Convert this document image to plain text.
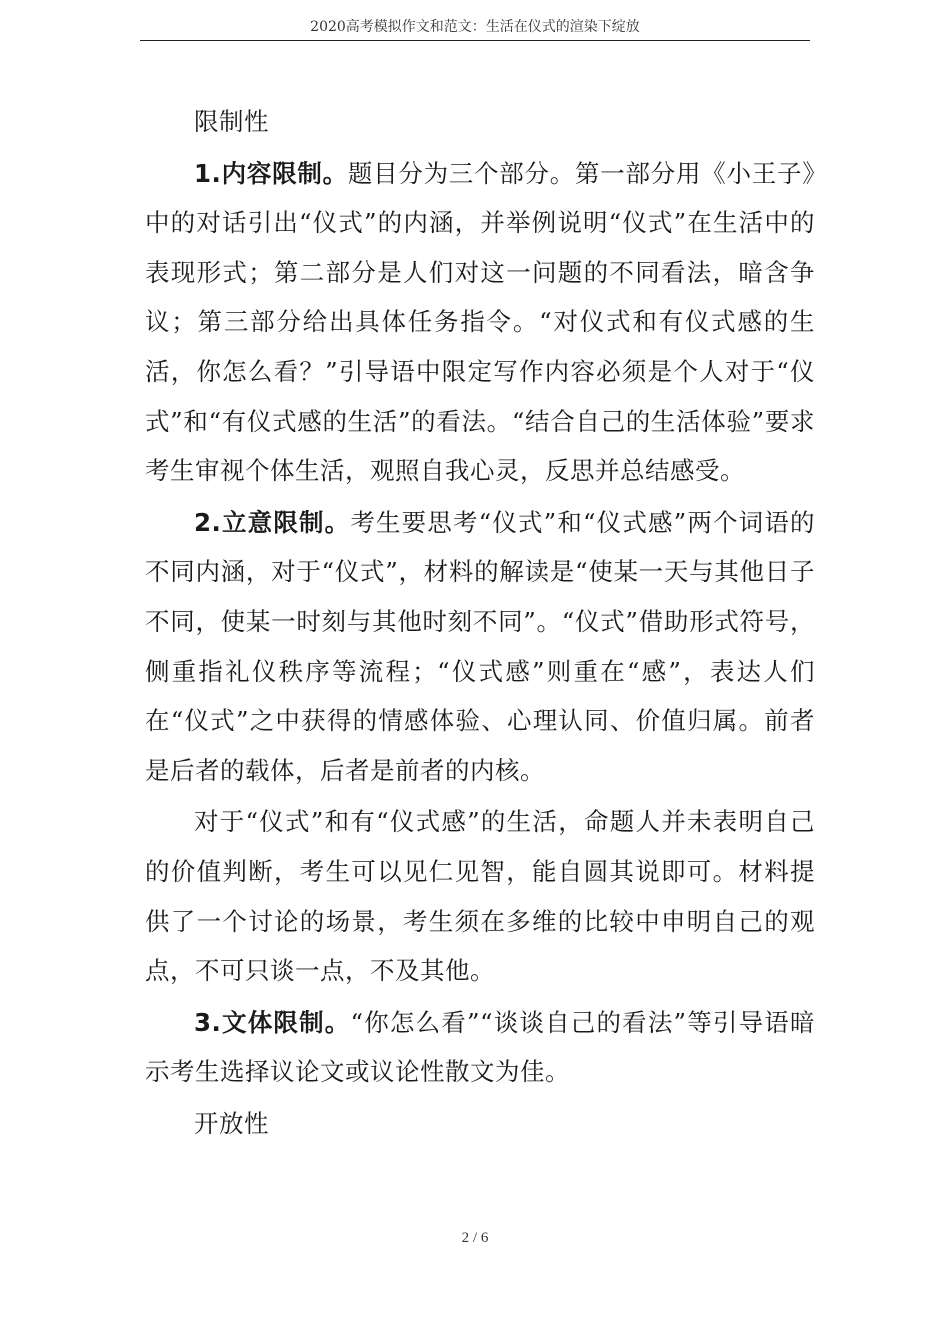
2020高考模拟作文和范文：生活在仪式的渲染下绽放

限制性

1.内容限制。题目分为三个部分。第一部分用《小王子》中的对话引出“仪式”的内涵，并举例说明“仪式”在生活中的表现形式；第二部分是人们对这一问题的不同看法，暗含争议；第三部分给出具体任务指令。“对仪式和有仪式感的生活，你怎么看？”引导语中限定写作内容必须是个人对于“仪式”和“有仪式感的生活”的看法。“结合自己的生活体验”要求考生审视个体生活，观照自我心灵，反思并总结感受。

2.立意限制。考生要思考“仪式”和“仪式感”两个词语的不同内涵，对于“仪式”，材料的解读是“使某一天与其他日子不同，使某一时刻与其他时刻不同”。“仪式”借助形式符号，侧重指礼仪秩序等流程；“仪式感”则重在“感”，表达人们在“仪式”之中获得的情感体验、心理认同、价值归属。前者是后者的载体，后者是前者的内核。

对于“仪式”和有“仪式感”的生活，命题人并未表明自己的价值判断，考生可以见仁见智，能自圆其说即可。材料提供了一个讨论的场景，考生须在多维的比较中申明自己的观点，不可只谈一点，不及其他。

3.文体限制。“你怎么看”“谈谈自己的看法”等引导语暗示考生选择议论文或议论性散文为佳。

开放性

2 / 6
